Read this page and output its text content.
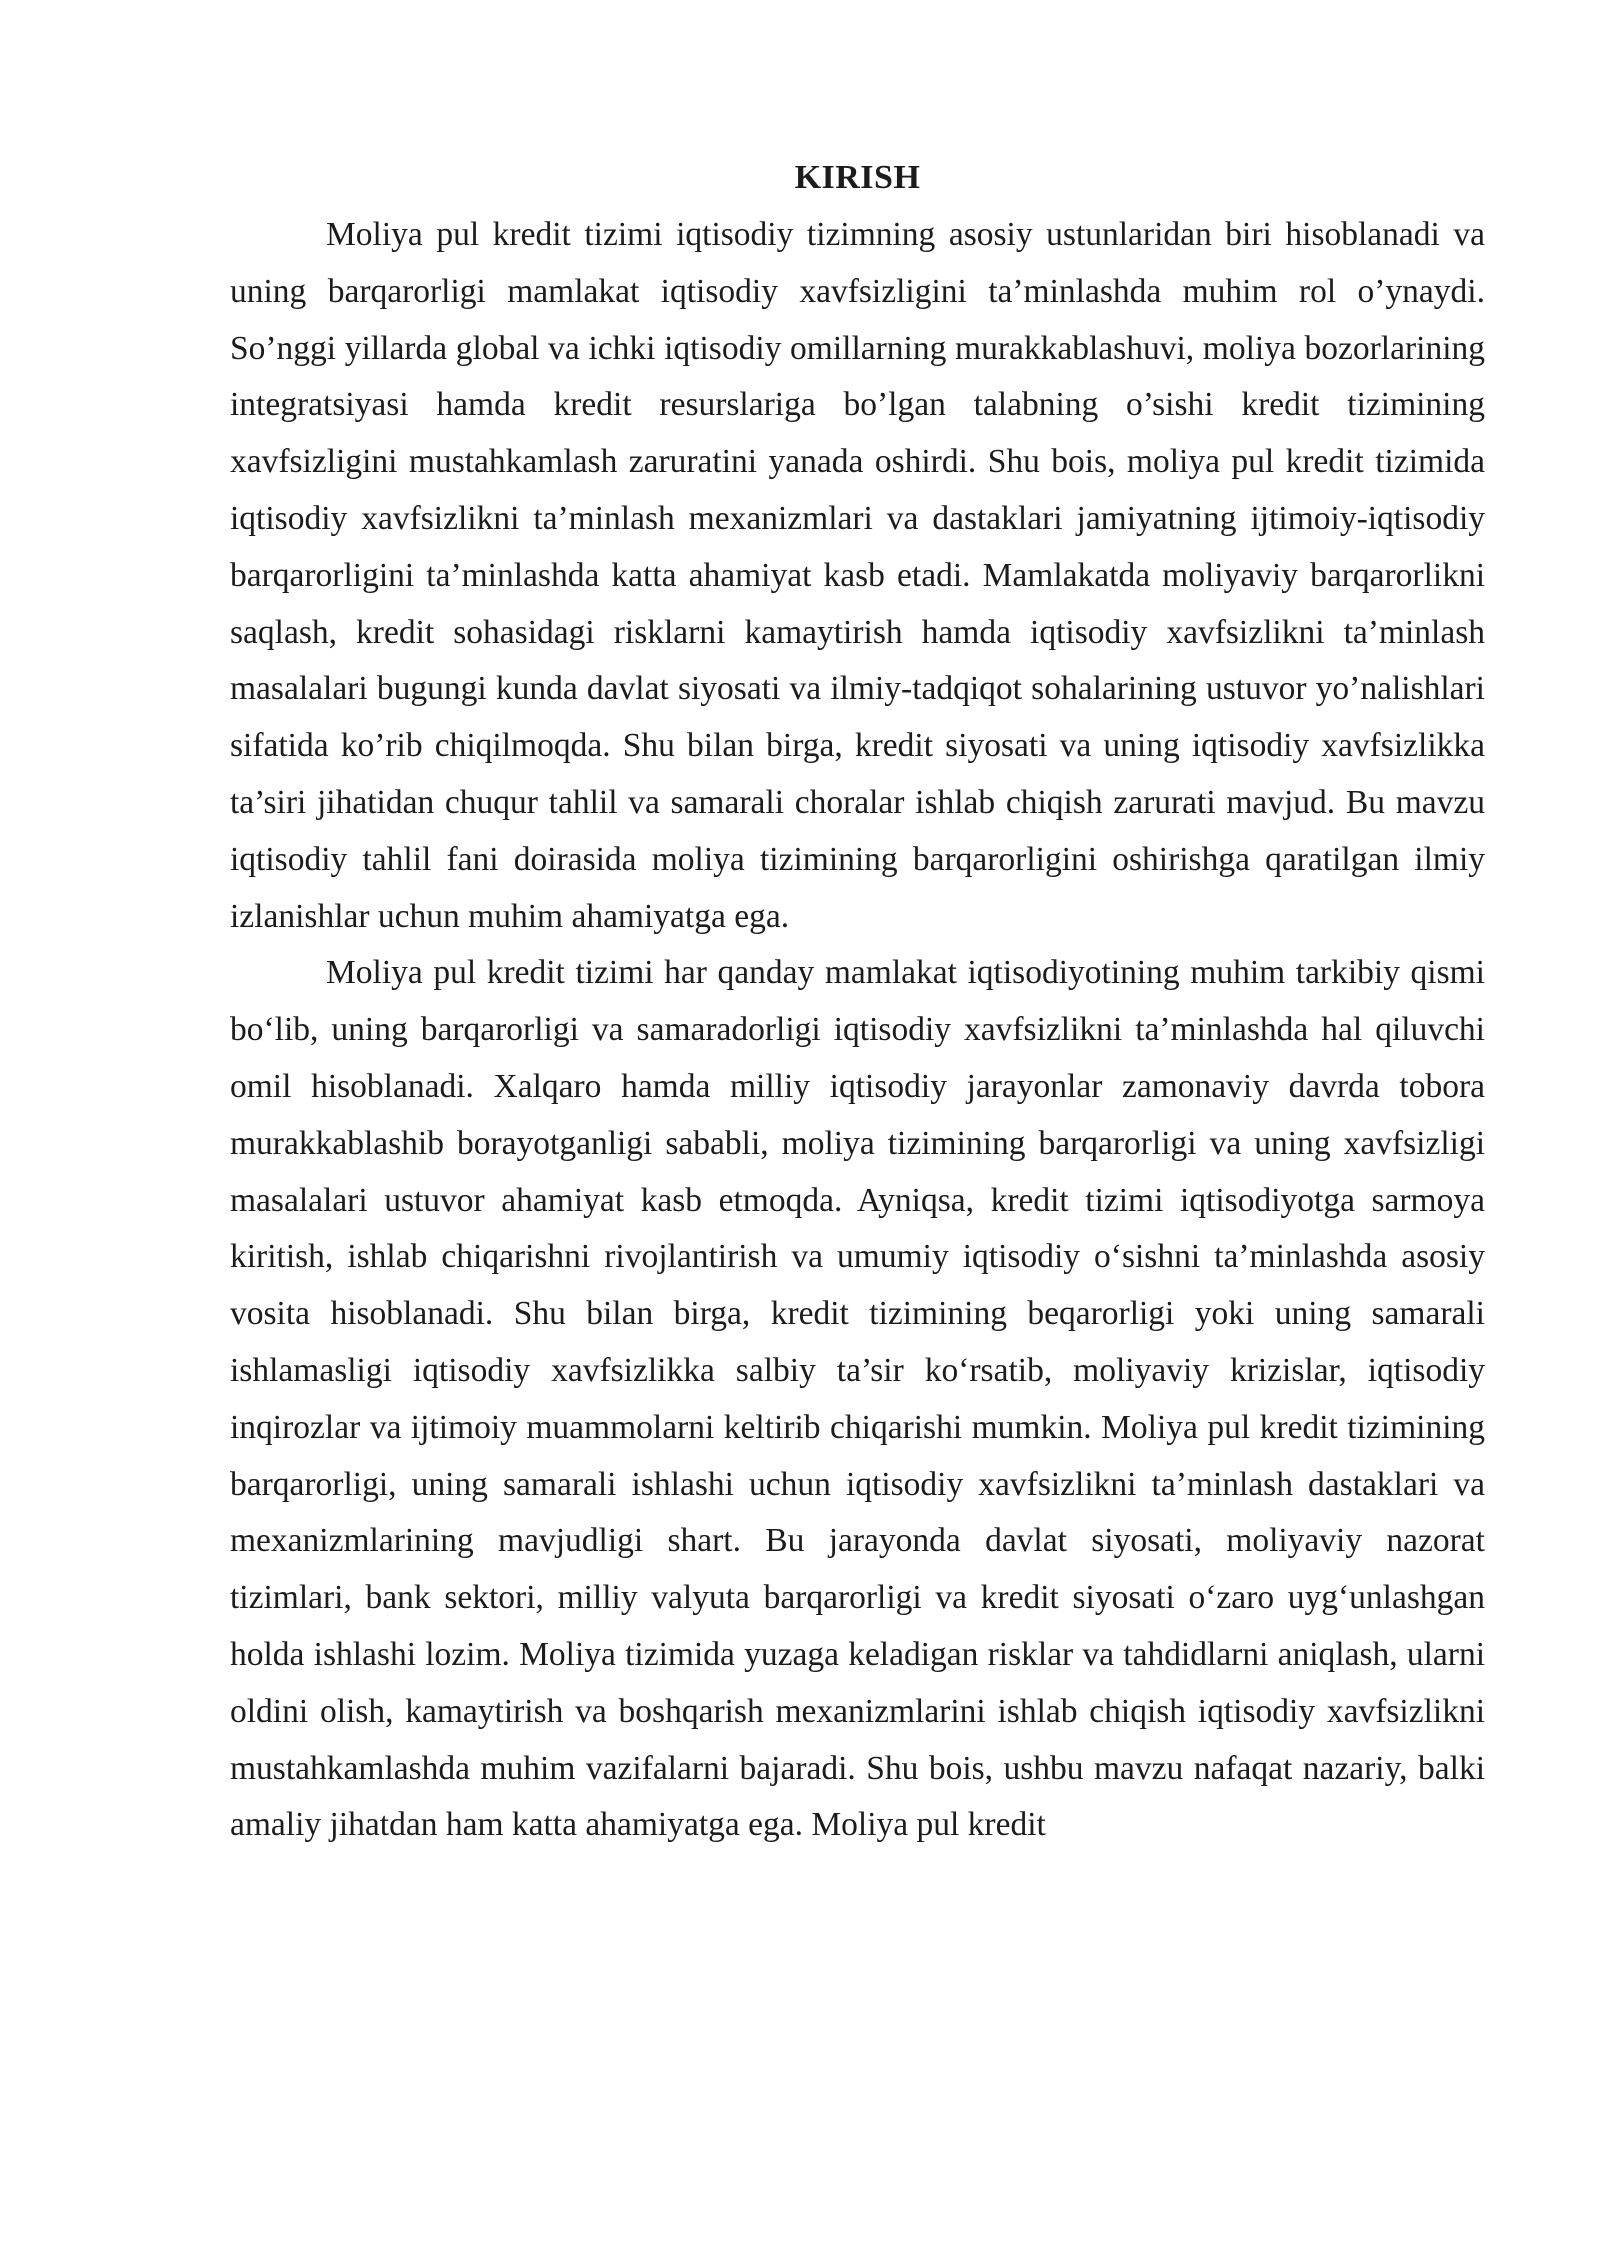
KIRISH

Moliya pul kredit tizimi iqtisodiy tizimning asosiy ustunlaridan biri hisoblanadi va uning barqarorligi mamlakat iqtisodiy xavfsizligini ta’minlashda muhim rol o’ynaydi. So’nggi yillarda global va ichki iqtisodiy omillarning murakkablashuvi, moliya bozorlarining integratsiyasi hamda kredit resurslariga bo’lgan talabning o’sishi kredit tizimining xavfsizligini mustahkamlash zaruratini yanada oshirdi. Shu bois, moliya pul kredit tizimida iqtisodiy xavfsizlikni ta’minlash mexanizmlari va dastaklari jamiyatning ijtimoiy-iqtisodiy barqarorligini ta’minlashda katta ahamiyat kasb etadi. Mamlakatda moliyaviy barqarorlikni saqlash, kredit sohasidagi risklarni kamaytirish hamda iqtisodiy xavfsizlikni ta’minlash masalalari bugungi kunda davlat siyosati va ilmiy-tadqiqot sohalarining ustuvor yo’nalishlari sifatida ko’rib chiqilmoqda. Shu bilan birga, kredit siyosati va uning iqtisodiy xavfsizlikka ta’siri jihatidan chuqur tahlil va samarali choralar ishlab chiqish zarurati mavjud. Bu mavzu iqtisodiy tahlil fani doirasida moliya tizimining barqarorligini oshirishga qaratilgan ilmiy izlanishlar uchun muhim ahamiyatga ega.

Moliya pul kredit tizimi har qanday mamlakat iqtisodiyotining muhim tarkibiy qismi bo‘lib, uning barqarorligi va samaradorligi iqtisodiy xavfsizlikni ta’minlashda hal qiluvchi omil hisoblanadi. Xalqaro hamda milliy iqtisodiy jarayonlar zamonaviy davrda tobora murakkablashib borayotganligi sababli, moliya tizimining barqarorligi va uning xavfsizligi masalalari ustuvor ahamiyat kasb etmoqda. Ayniqsa, kredit tizimi iqtisodiyotga sarmoya kiritish, ishlab chiqarishni rivojlantirish va umumiy iqtisodiy o‘sishni ta’minlashda asosiy vosita hisoblanadi. Shu bilan birga, kredit tizimining beqarorligi yoki uning samarali ishlamasligi iqtisodiy xavfsizlikka salbiy ta’sir ko‘rsatib, moliyaviy krizislar, iqtisodiy inqirozlar va ijtimoiy muammolarni keltirib chiqarishi mumkin. Moliya pul kredit tizimining barqarorligi, uning samarali ishlashi uchun iqtisodiy xavfsizlikni ta’minlash dastaklari va mexanizmlarining mavjudligi shart. Bu jarayonda davlat siyosati, moliyaviy nazorat tizimlari, bank sektori, milliy valyuta barqarorligi va kredit siyosati o‘zaro uyg‘unlashgan holda ishlashi lozim. Moliya tizimida yuzaga keladigan risklar va tahdidlarni aniqlash, ularni oldini olish, kamaytirish va boshqarish mexanizmlarini ishlab chiqish iqtisodiy xavfsizlikni mustahkamlashda muhim vazifalarni bajaradi. Shu bois, ushbu mavzu nafaqat nazariy, balki amaliy jihatdan ham katta ahamiyatga ega. Moliya pul kredit
